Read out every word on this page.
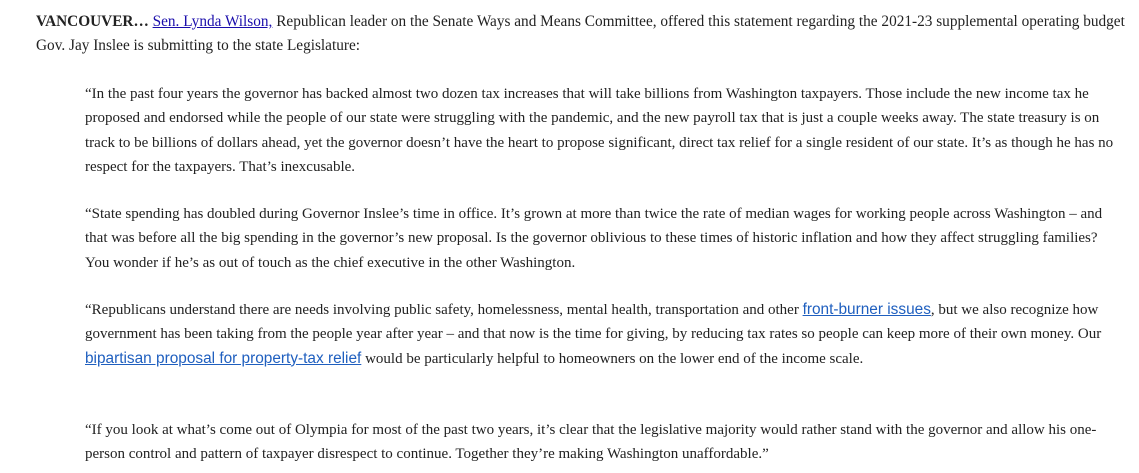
VANCOUVER… Sen. Lynda Wilson, Republican leader on the Senate Ways and Means Committee, offered this statement regarding the 2021-23 supplemental operating budget Gov. Jay Inslee is submitting to the state Legislature:

“In the past four years the governor has backed almost two dozen tax increases that will take billions from Washington taxpayers. Those include the new income tax he proposed and endorsed while the people of our state were struggling with the pandemic, and the new payroll tax that is just a couple weeks away. The state treasury is on track to be billions of dollars ahead, yet the governor doesn’t have the heart to propose significant, direct tax relief for a single resident of our state. It’s as though he has no respect for the taxpayers. That’s inexcusable.

“State spending has doubled during Governor Inslee’s time in office. It’s grown at more than twice the rate of median wages for working people across Washington – and that was before all the big spending in the governor’s new proposal. Is the governor oblivious to these times of historic inflation and how they affect struggling families? You wonder if he’s as out of touch as the chief executive in the other Washington.

“Republicans understand there are needs involving public safety, homelessness, mental health, transportation and other front-burner issues, but we also recognize how government has been taking from the people year after year – and that now is the time for giving, by reducing tax rates so people can keep more of their own money. Our bipartisan proposal for property-tax relief would be particularly helpful to homeowners on the lower end of the income scale.

“If you look at what’s come out of Olympia for most of the past two years, it’s clear that the legislative majority would rather stand with the governor and allow his one-person control and pattern of taxpayer disrespect to continue. Together they’re making Washington unaffordable.”
